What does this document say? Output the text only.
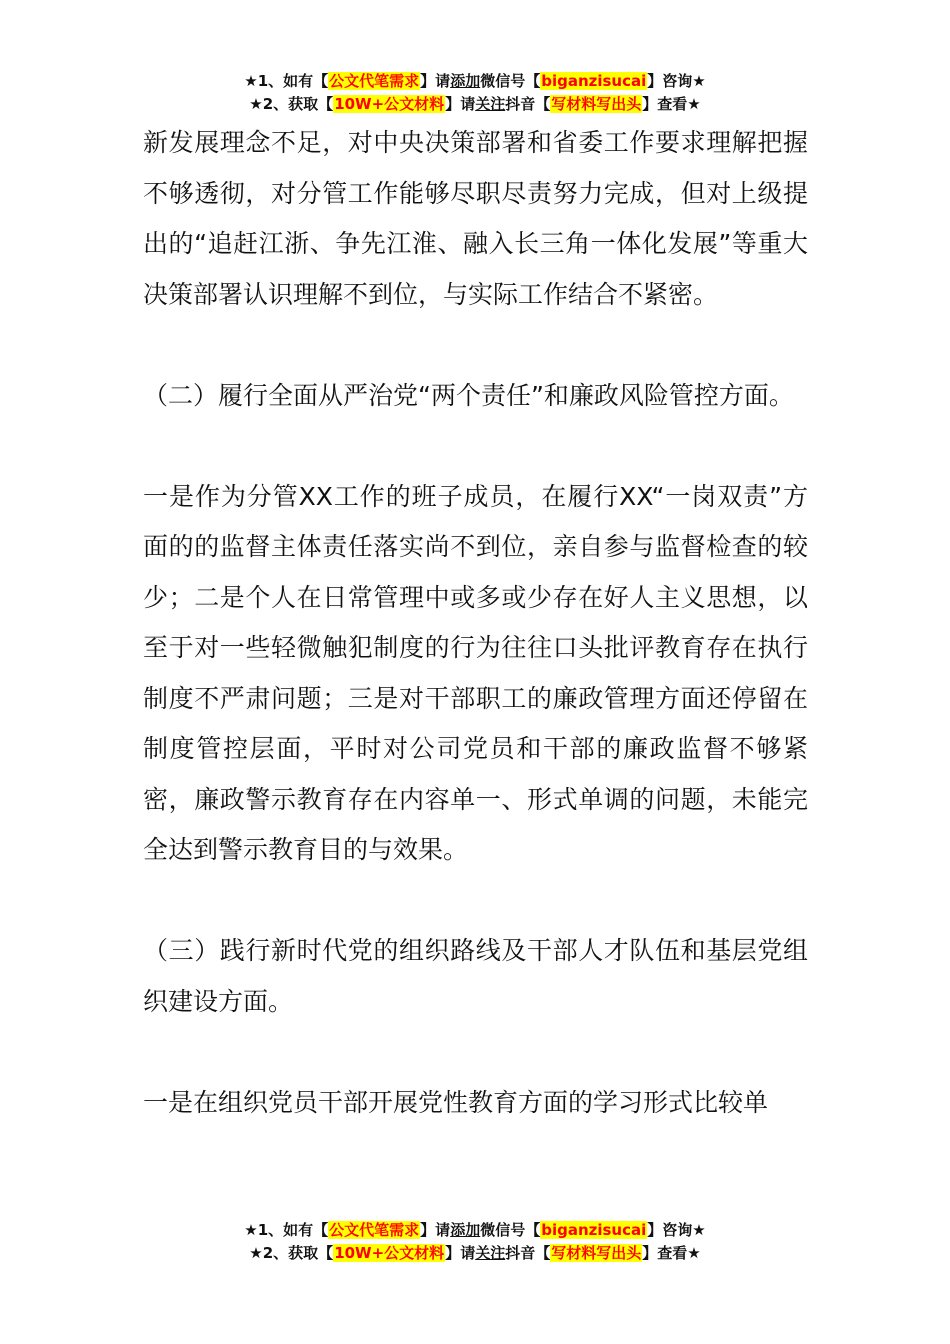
★1、如有【公文代笔需求】请添加微信号【biganzisucai】咨询★
★2、获取【10W+公文材料】请关注抖音【写材料写出头】查看★

新发展理念不足，对中央决策部署和省委工作要求理解把握不够透彻，对分管工作能够尽职尽责努力完成，但对上级提出的“追赶江浙、争先江淮、融入长三角一体化发展”等重大决策部署认识理解不到位，与实际工作结合不紧密。

（二）履行全面从严治党“两个责任”和廉政风险管控方面。

一是作为分管XX工作的班子成员，在履行XX“一岗双责”方面的的监督主体责任落实尚不到位，亲自参与监督检查的较少；二是个人在日常管理中或多或少存在好人主义思想，以至于对一些轻微触犯制度的行为往往口头批评教育存在执行制度不严肃问题；三是对干部职工的廉政管理方面还停留在制度管控层面，平时对公司党员和干部的廉政监督不够紧密，廉政警示教育存在内容单一、形式单调的问题，未能完全达到警示教育目的与效果。

（三）践行新时代党的组织路线及干部人才队伍和基层党组织建设方面。

一是在组织党员干部开展党性教育方面的学习形式比较单

★1、如有【公文代笔需求】请添加微信号【biganzisucai】咨询★
★2、获取【10W+公文材料】请关注抖音【写材料写出头】查看★
